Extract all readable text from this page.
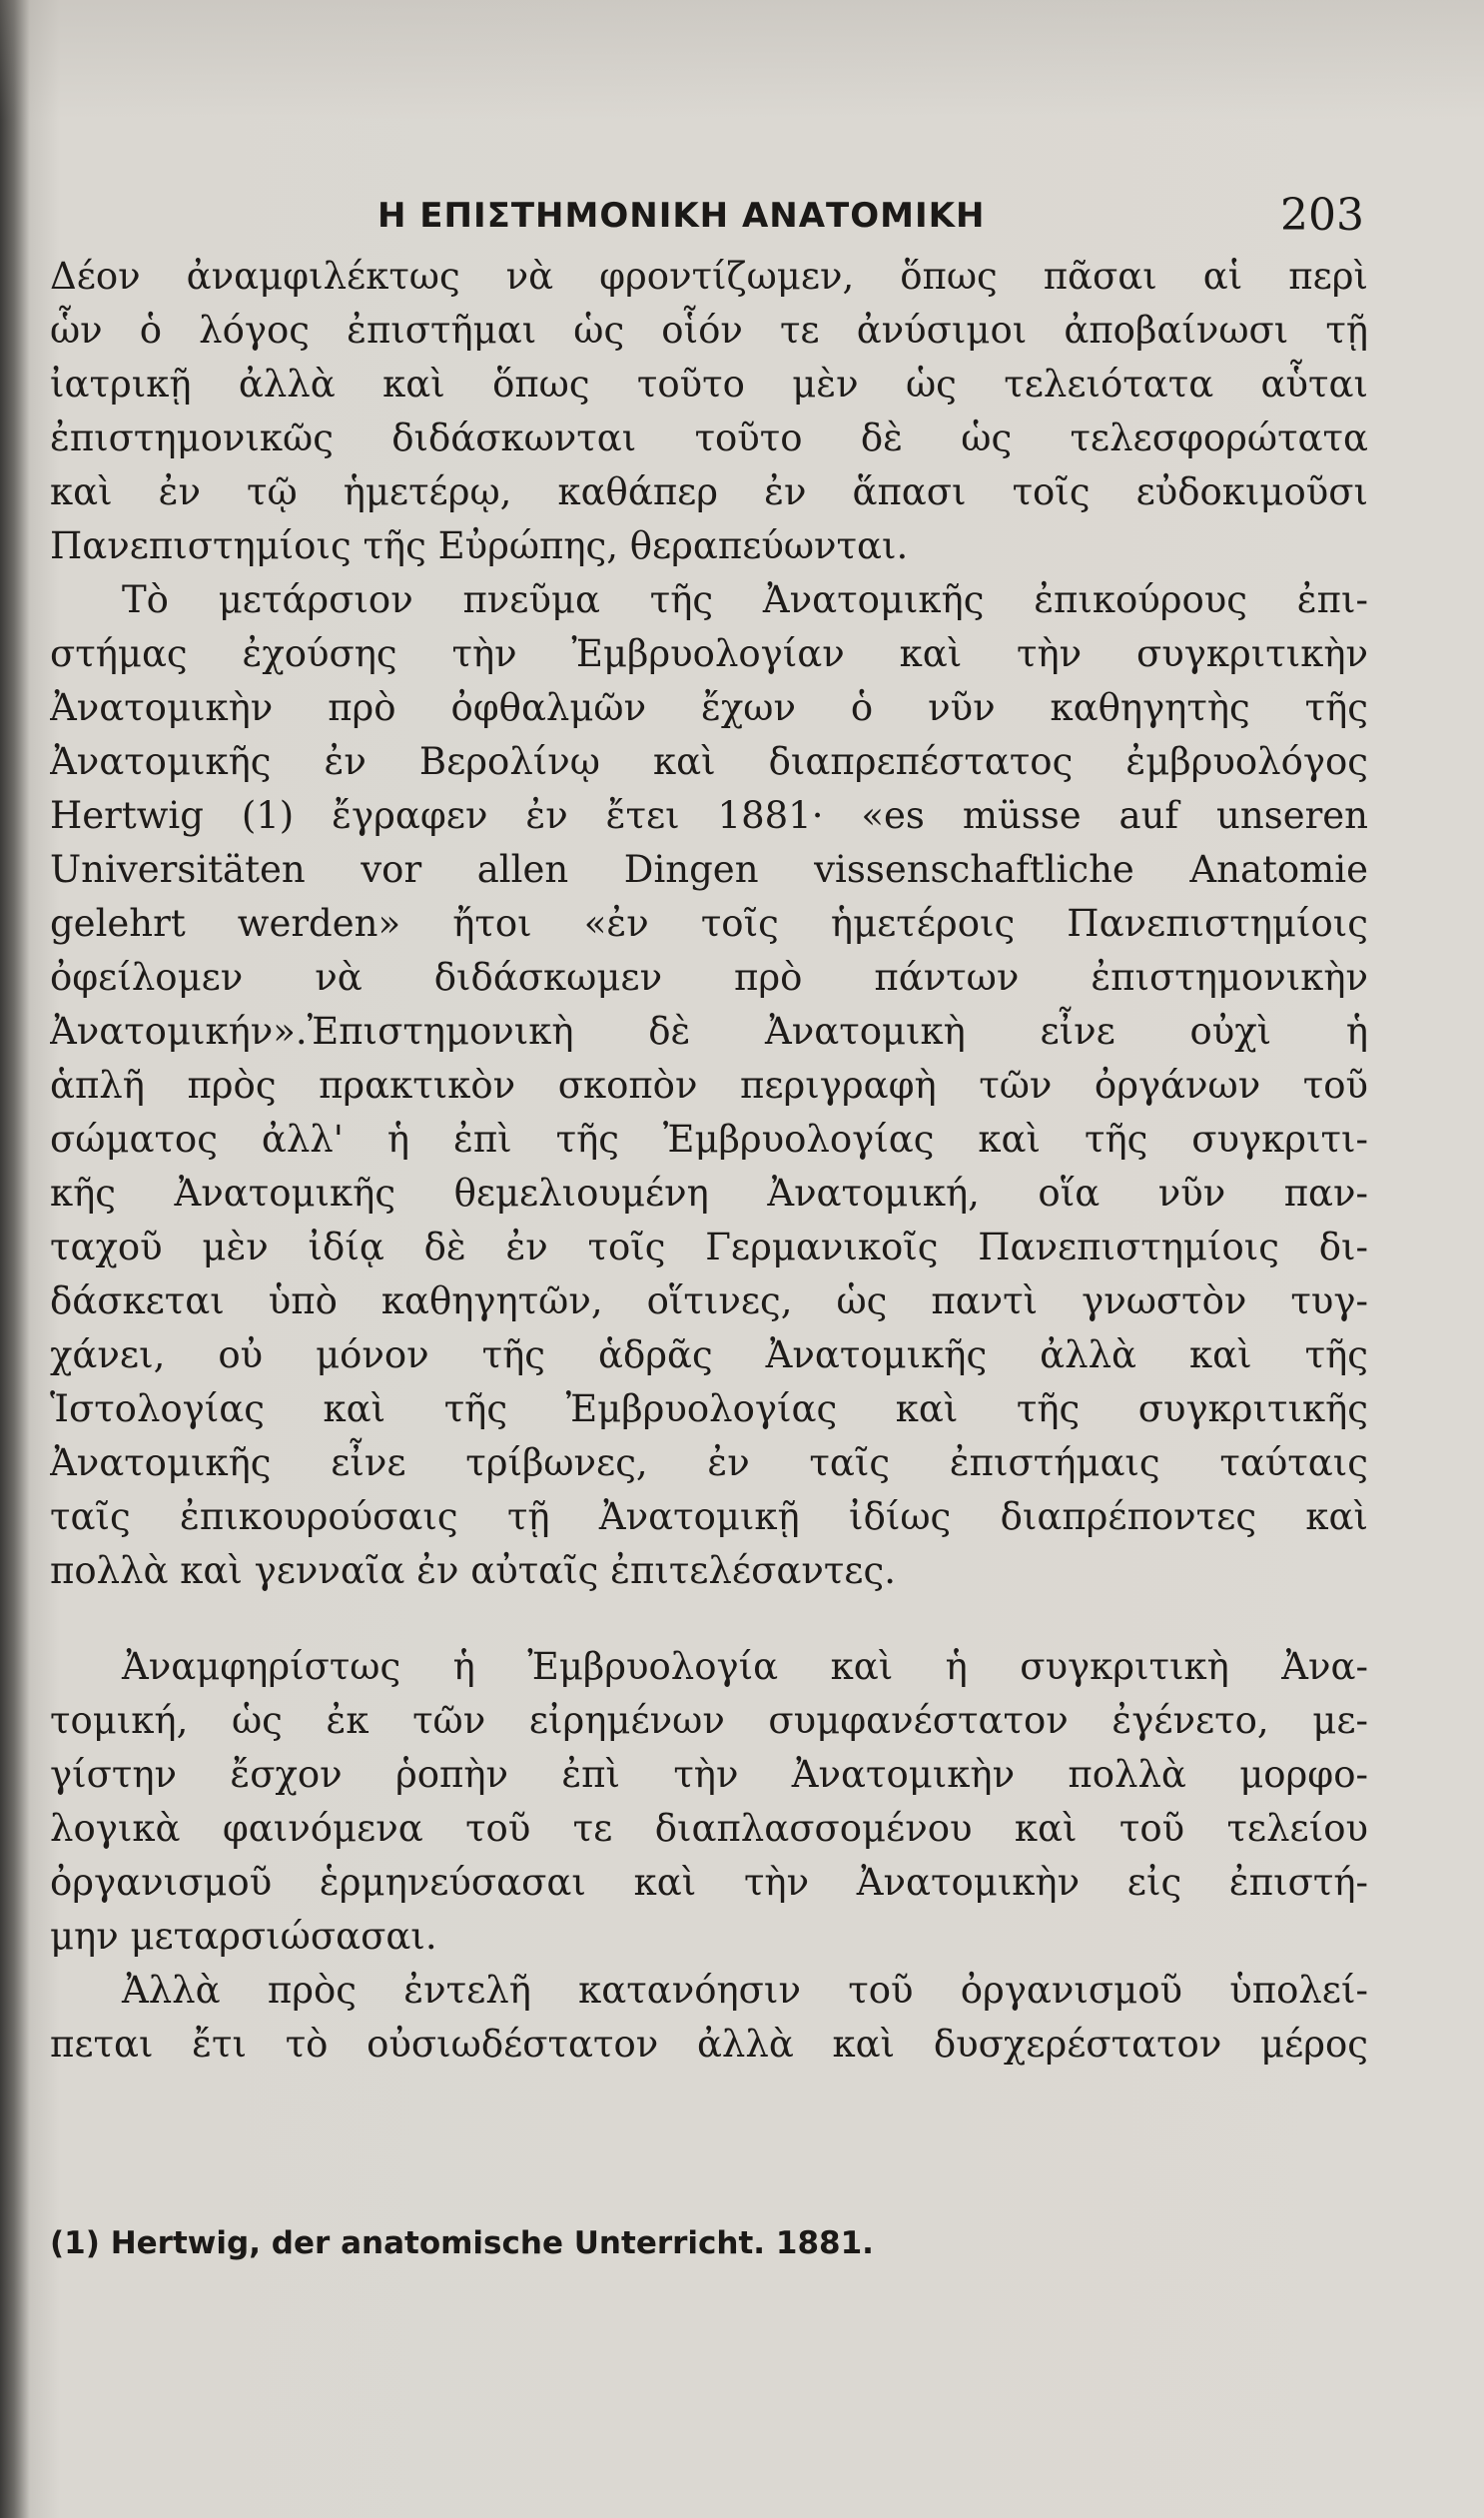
Η ΕΠΙΣΤΗΜΟΝΙΚΗ ΑΝΑΤΟΜΙΚΗ	203
Δέον ἀναμφιλέκτως νὰ φροντίζωμεν, ὅπως πᾶσαι αἱ περὶ
ὧν ὁ λόγος ἐπιστῆμαι ὡς οἷόν τε ἀνύσιμοι ἀποβαίνωσι τῇ
ἰατρικῇ ἀλλὰ καὶ ὅπως τοῦτο μὲν ὡς τελειότατα αὗται
ἐπιστημονικῶς διδάσκωνται τοῦτο δὲ ὡς τελεσφορώτατα
καὶ ἐν τῷ ἡμετέρῳ, καθάπερ ἐν ἅπασι τοῖς εὐδοκιμοῦσι
Πανεπιστημίοις τῆς Εὐρώπης, θεραπεύωνται.
Τὸ μετάρσιον πνεῦμα τῆς Ἀνατομικῆς ἐπικούρους ἐπι-
στήμας ἐχούσης τὴν Ἐμβρυολογίαν καὶ τὴν συγκριτικὴν
Ἀνατομικὴν πρὸ ὀφθαλμῶν ἔχων ὁ νῦν καθηγητὴς τῆς
Ἀνατομικῆς ἐν Βερολίνῳ καὶ διαπρεπέστατος ἐμβρυολόγος
Hertwig (1) ἔγραφεν ἐν ἔτει 1881· «es müsse auf unseren
Universitäten vor allen Dingen vissenschaftliche Anatomie
gelehrt werden» ἤτοι «ἐν τοῖς ἡμετέροις Πανεπιστημίοις
ὀφείλομεν νὰ διδάσκωμεν πρὸ πάντων ἐπιστημονικὴν
Ἀνατομικήν».Ἐπιστημονικὴ δὲ Ἀνατομικὴ εἶνε οὐχὶ ἡ
ἁπλῆ πρὸς πρακτικὸν σκοπὸν περιγραφὴ τῶν ὀργάνων τοῦ
σώματος ἀλλ' ἡ ἐπὶ τῆς Ἐμβρυολογίας καὶ τῆς συγκριτι-
κῆς Ἀνατομικῆς θεμελιουμένη Ἀνατομική, οἵα νῦν παν-
ταχοῦ μὲν ἰδίᾳ δὲ ἐν τοῖς Γερμανικοῖς Πανεπιστημίοις δι-
δάσκεται ὑπὸ καθηγητῶν, οἵτινες, ὡς παντὶ γνωστὸν τυγ-
χάνει, οὐ μόνον τῆς ἁδρᾶς Ἀνατομικῆς ἀλλὰ καὶ τῆς
Ἱστολογίας καὶ τῆς Ἐμβρυολογίας καὶ τῆς συγκριτικῆς
Ἀνατομικῆς εἶνε τρίβωνες, ἐν ταῖς ἐπιστήμαις ταύταις
ταῖς ἐπικουρούσαις τῇ Ἀνατομικῇ ἰδίως διαπρέποντες καὶ
πολλὰ καὶ γενναῖα ἐν αὐταῖς ἐπιτελέσαντες.
Ἀναμφηρίστως ἡ Ἐμβρυολογία καὶ ἡ συγκριτικὴ Ἀνα-
τομική, ὡς ἐκ τῶν εἰρημένων συμφανέστατον ἐγένετο, με-
γίστην ἔσχον ῥοπὴν ἐπὶ τὴν Ἀνατομικὴν πολλὰ μορφο-
λογικὰ φαινόμενα τοῦ τε διαπλασσομένου καὶ τοῦ τελείου
ὀργανισμοῦ ἑρμηνεύσασαι καὶ τὴν Ἀνατομικὴν εἰς ἐπιστή-
μην μεταρσιώσασαι.
Ἀλλὰ πρὸς ἐντελῆ κατανόησιν τοῦ ὀργανισμοῦ ὑπολεί-
πεται ἔτι τὸ οὐσιωδέστατον ἀλλὰ καὶ δυσχερέστατον μέρος
(1) Hertwig, der anatomische Unterricht. 1881.
